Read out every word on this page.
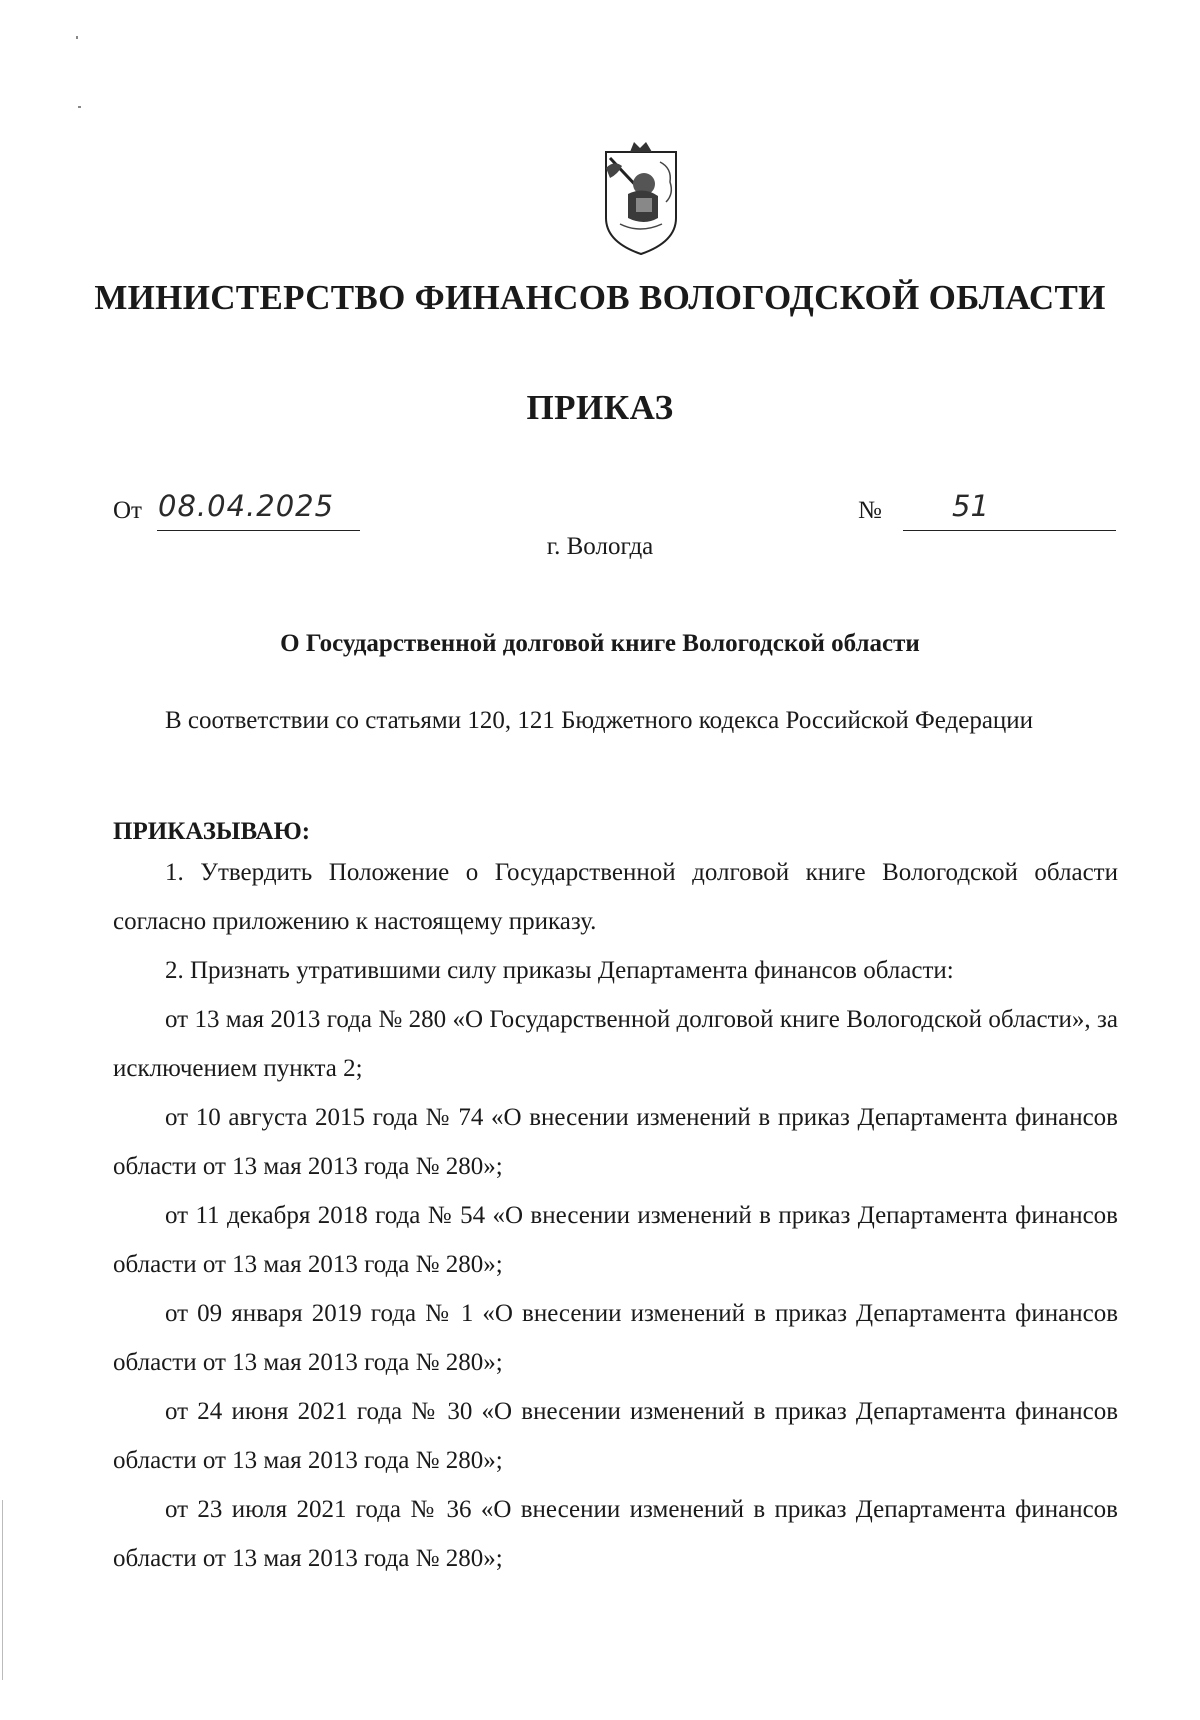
МИНИСТЕРСТВО ФИНАНСОВ ВОЛОГОДСКОЙ ОБЛАСТИ
ПРИКАЗ
От 08.04.2025	№ 51
г. Вологда
О Государственной долговой книге Вологодской области

В соответствии со статьями 120, 121 Бюджетного кодекса Российской Федерации

ПРИКАЗЫВАЮ:

1. Утвердить Положение о Государственной долговой книге Вологодской области согласно приложению к настоящему приказу.

2. Признать утратившими силу приказы Департамента финансов области:

от 13 мая 2013 года № 280 «О Государственной долговой книге Вологодской области», за исключением пункта 2;

от 10 августа 2015 года № 74 «О внесении изменений в приказ Департамента финансов области от 13 мая 2013 года № 280»;

от 11 декабря 2018 года № 54 «О внесении изменений в приказ Департамента финансов области от 13 мая 2013 года № 280»;

от 09 января 2019 года № 1 «О внесении изменений в приказ Департамента финансов области от 13 мая 2013 года № 280»;

от 24 июня 2021 года № 30 «О внесении изменений в приказ Департамента финансов области от 13 мая 2013 года № 280»;

от 23 июля 2021 года № 36 «О внесении изменений в приказ Департамента финансов области от 13 мая 2013 года № 280»;
